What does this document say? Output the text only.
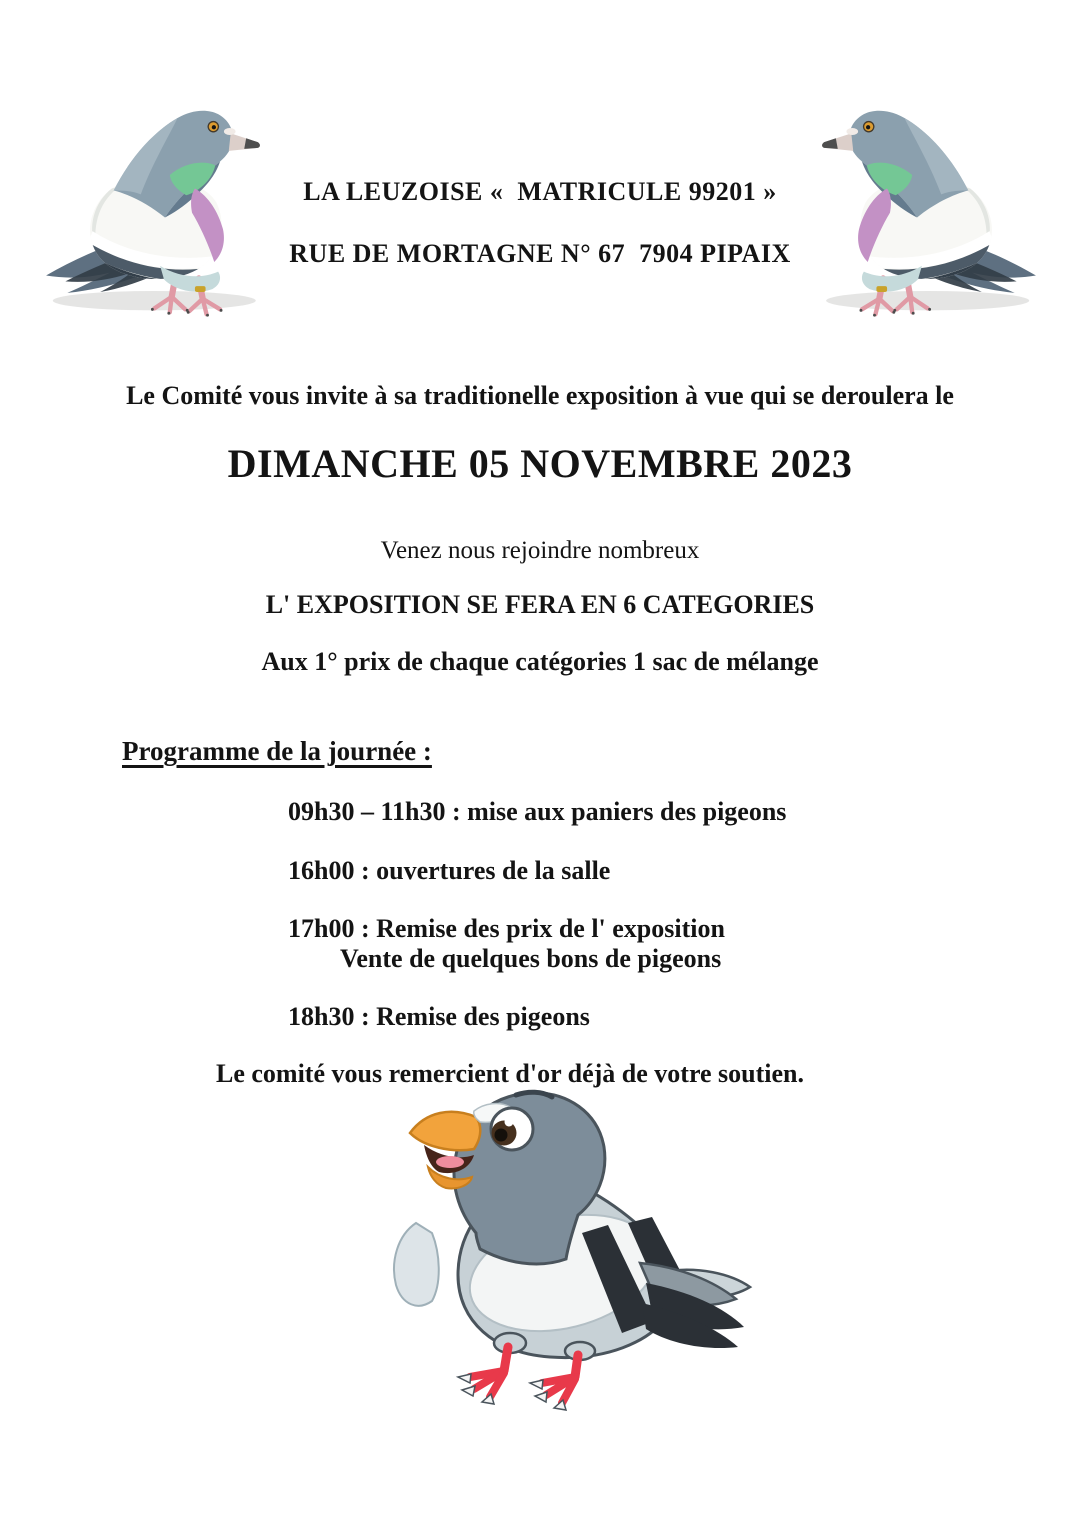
LA LEUZOISE «  MATRICULE 99201 »
RUE DE MORTAGNE N° 67  7904 PIPAIX
Le Comité vous invite à sa traditionelle exposition à vue qui se deroulera le
DIMANCHE 05 NOVEMBRE 2023
Venez nous rejoindre nombreux
L' EXPOSITION SE FERA EN 6 CATEGORIES
Aux 1° prix de chaque catégories 1 sac de mélange
Programme de la journée :
09h30 – 11h30 : mise aux paniers des pigeons
16h00 : ouvertures de la salle
17h00 : Remise des prix de l' exposition
Vente de quelques bons de pigeons
18h30 : Remise des pigeons
Le comité vous remercient d'or déjà de votre soutien.
